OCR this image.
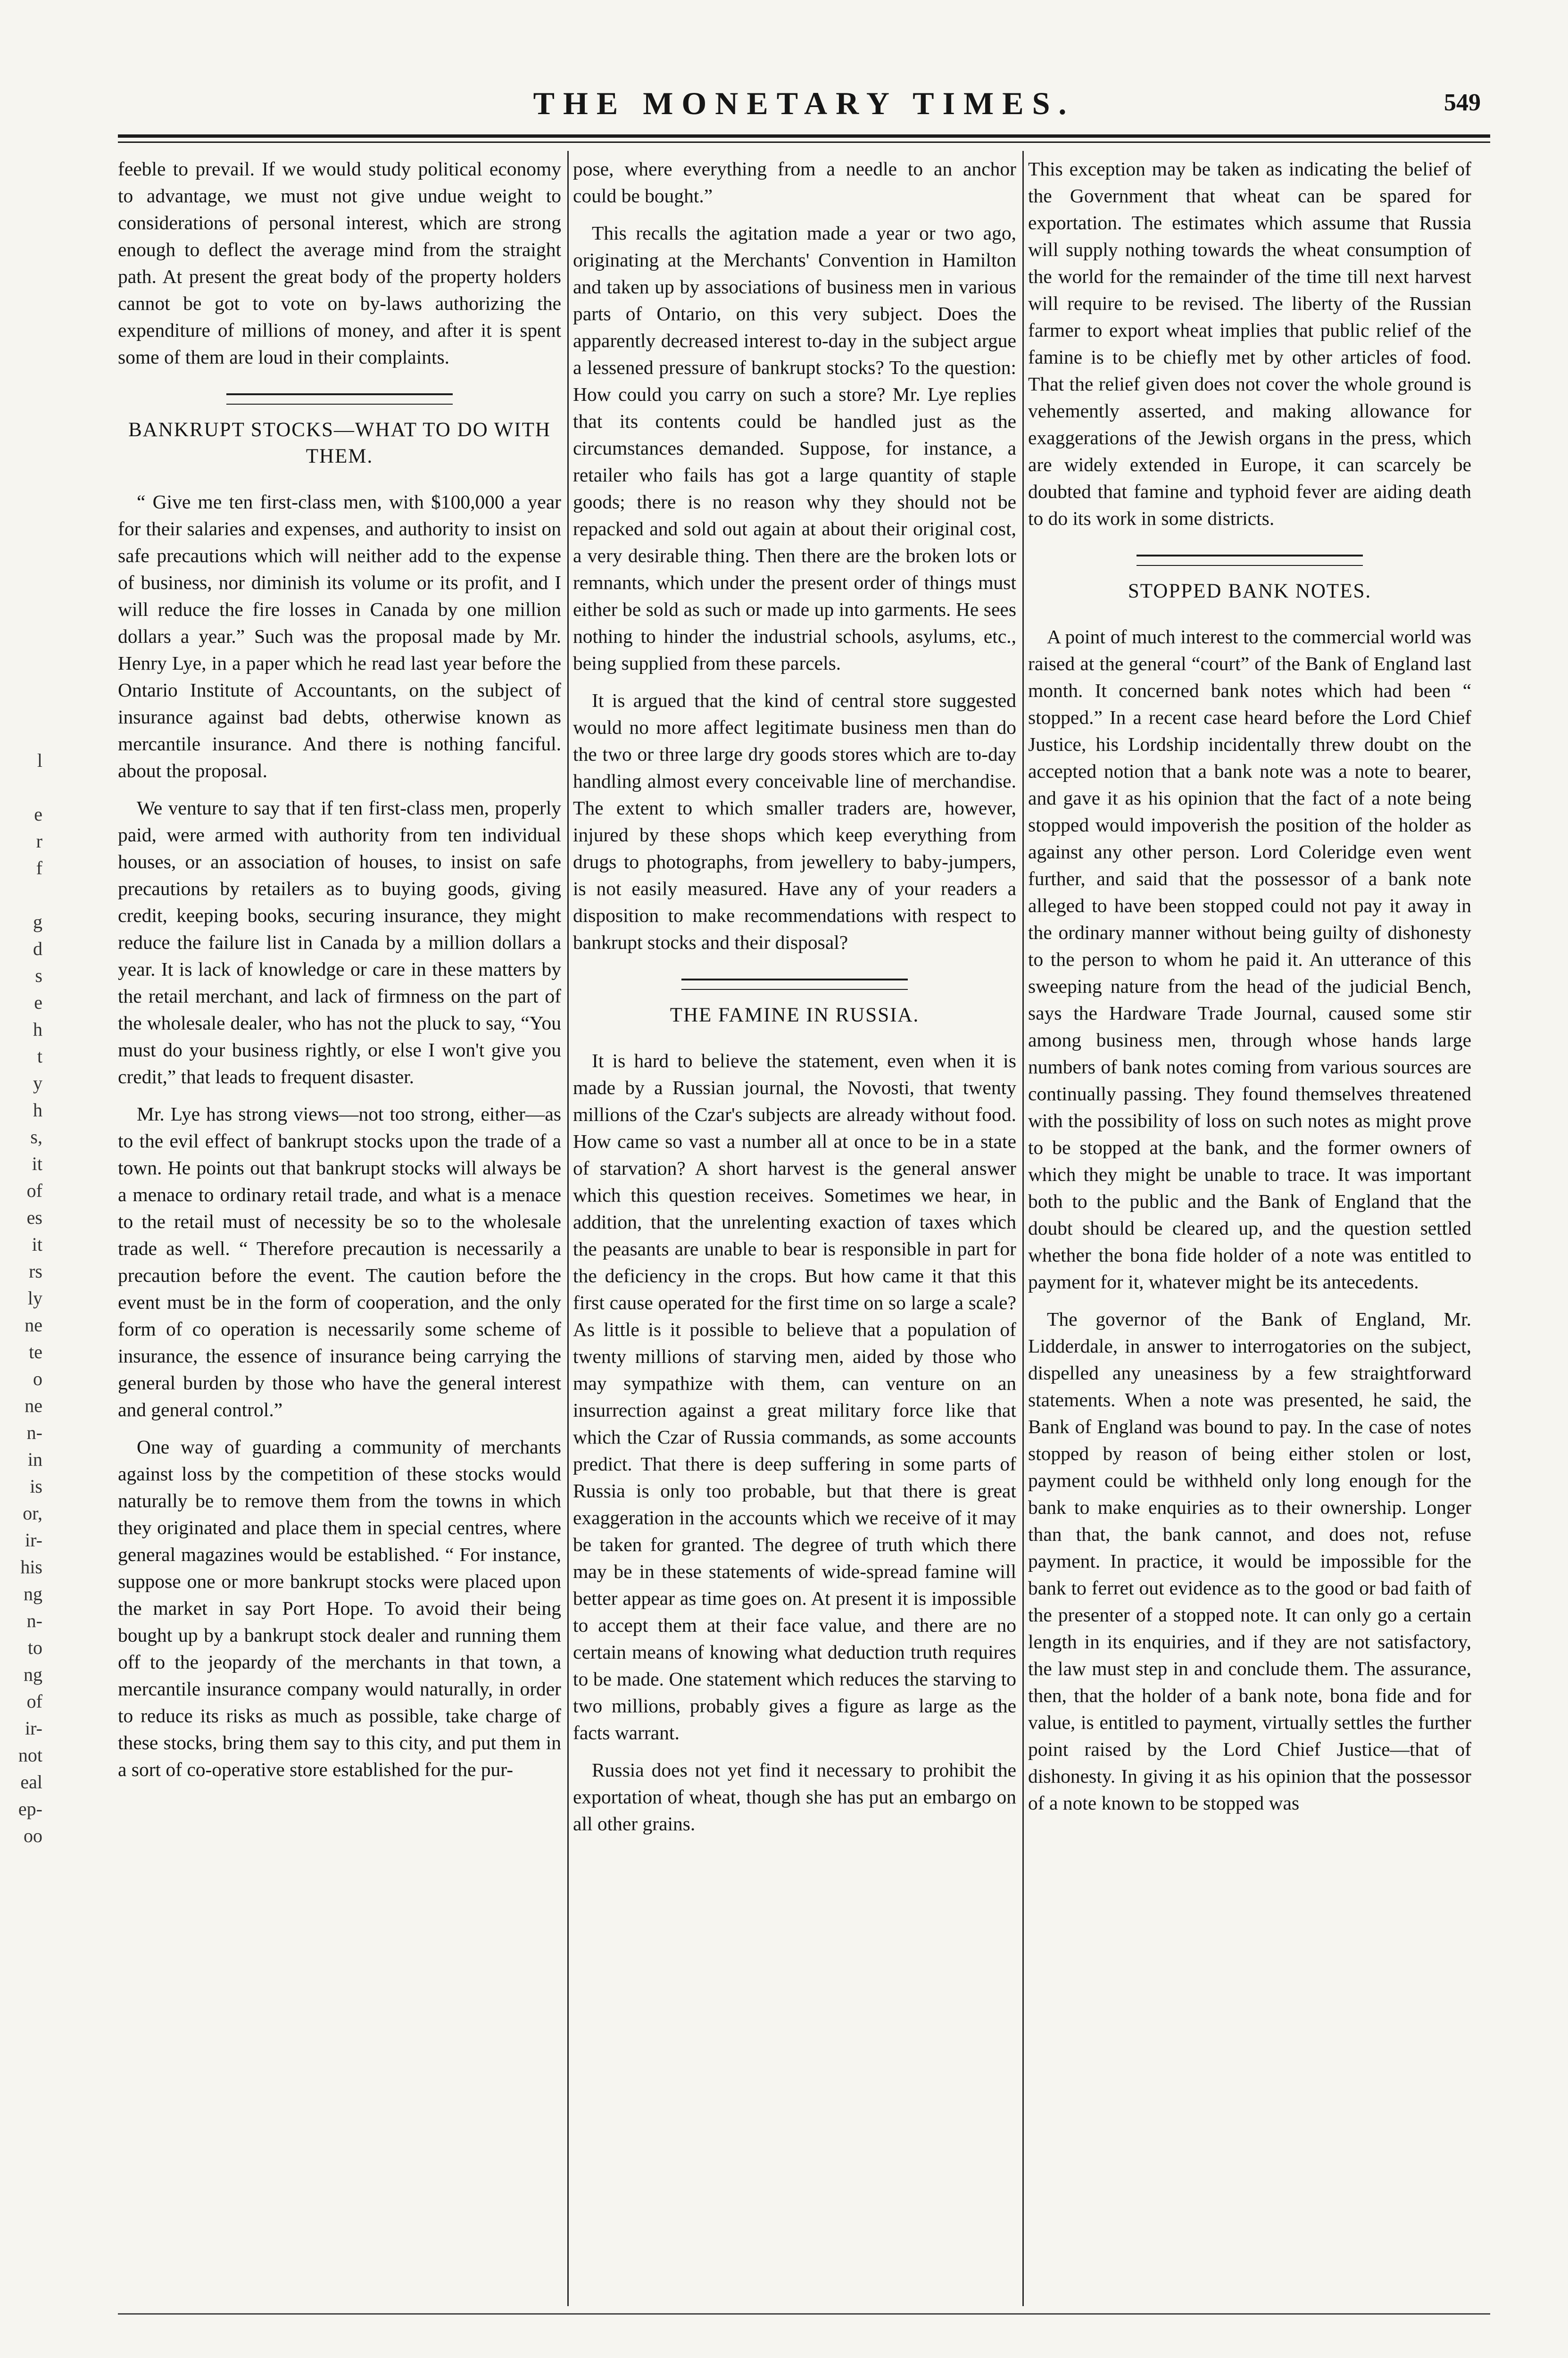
THE MONETARY TIMES.	549

l

e
r
f

g
d
s
e
h
t
y
h
s,
it
of
es
it
rs
ly
ne
te
o
ne
n-
in
is
or,
ir-
his
ng
n-
to
ng
of
ir-
not
eal
ep-
oo

feeble to prevail. If we would study political economy to advantage, we must not give undue weight to considerations of personal interest, which are strong enough to deflect the average mind from the straight path. At present the great body of the property holders cannot be got to vote on by-laws authorizing the expenditure of millions of money, and after it is spent some of them are loud in their complaints.

BANKRUPT STOCKS—WHAT TO DO WITH THEM.

“ Give me ten first-class men, with $100,000 a year for their salaries and expenses, and authority to insist on safe precautions which will neither add to the expense of business, nor diminish its volume or its profit, and I will reduce the fire losses in Canada by one million dollars a year.” Such was the proposal made by Mr. Henry Lye, in a paper which he read last year before the Ontario Institute of Accountants, on the subject of insurance against bad debts, otherwise known as mercantile insurance. And there is nothing fanciful. about the proposal.

We venture to say that if ten first-class men, properly paid, were armed with authority from ten individual houses, or an association of houses, to insist on safe precautions by retailers as to buying goods, giving credit, keeping books, securing insurance, they might reduce the failure list in Canada by a million dollars a year. It is lack of knowledge or care in these matters by the retail merchant, and lack of firmness on the part of the wholesale dealer, who has not the pluck to say, “You must do your business rightly, or else I won't give you credit,” that leads to frequent disaster.

Mr. Lye has strong views—not too strong, either—as to the evil effect of bankrupt stocks upon the trade of a town. He points out that bankrupt stocks will always be a menace to ordinary retail trade, and what is a menace to the retail must of necessity be so to the wholesale trade as well. “ Therefore precaution is necessarily a precaution before the event. The caution before the event must be in the form of cooperation, and the only form of co operation is necessarily some scheme of insurance, the essence of insurance being carrying the general burden by those who have the general interest and general control.”

One way of guarding a community of merchants against loss by the competition of these stocks would naturally be to remove them from the towns in which they originated and place them in special centres, where general magazines would be established. “ For instance, suppose one or more bankrupt stocks were placed upon the market in say Port Hope. To avoid their being bought up by a bankrupt stock dealer and running them off to the jeopardy of the merchants in that town, a mercantile insurance company would naturally, in order to reduce its risks as much as possible, take charge of these stocks, bring them say to this city, and put them in a sort of co-operative store established for the pur-

pose, where everything from a needle to an anchor could be bought.”

This recalls the agitation made a year or two ago, originating at the Merchants' Convention in Hamilton and taken up by associations of business men in various parts of Ontario, on this very subject. Does the apparently decreased interest to-day in the subject argue a lessened pressure of bankrupt stocks? To the question: How could you carry on such a store? Mr. Lye replies that its contents could be handled just as the circumstances demanded. Suppose, for instance, a retailer who fails has got a large quantity of staple goods; there is no reason why they should not be repacked and sold out again at about their original cost, a very desirable thing. Then there are the broken lots or remnants, which under the present order of things must either be sold as such or made up into garments. He sees nothing to hinder the industrial schools, asylums, etc., being supplied from these parcels.

It is argued that the kind of central store suggested would no more affect legitimate business men than do the two or three large dry goods stores which are to-day handling almost every conceivable line of merchandise. The extent to which smaller traders are, however, injured by these shops which keep everything from drugs to photographs, from jewellery to baby-jumpers, is not easily measured. Have any of your readers a disposition to make recommendations with respect to bankrupt stocks and their disposal?

THE FAMINE IN RUSSIA.

It is hard to believe the statement, even when it is made by a Russian journal, the Novosti, that twenty millions of the Czar's subjects are already without food. How came so vast a number all at once to be in a state of starvation? A short harvest is the general answer which this question receives. Sometimes we hear, in addition, that the unrelenting exaction of taxes which the peasants are unable to bear is responsible in part for the deficiency in the crops. But how came it that this first cause operated for the first time on so large a scale? As little is it possible to believe that a population of twenty millions of starving men, aided by those who may sympathize with them, can venture on an insurrection against a great military force like that which the Czar of Russia commands, as some accounts predict. That there is deep suffering in some parts of Russia is only too probable, but that there is great exaggeration in the accounts which we receive of it may be taken for granted. The degree of truth which there may be in these statements of wide-spread famine will better appear as time goes on. At present it is impossible to accept them at their face value, and there are no certain means of knowing what deduction truth requires to be made. One statement which reduces the starving to two millions, probably gives a figure as large as the facts warrant.

Russia does not yet find it necessary to prohibit the exportation of wheat, though she has put an embargo on all other grains.

This exception may be taken as indicating the belief of the Government that wheat can be spared for exportation. The estimates which assume that Russia will supply nothing towards the wheat consumption of the world for the remainder of the time till next harvest will require to be revised. The liberty of the Russian farmer to export wheat implies that public relief of the famine is to be chiefly met by other articles of food. That the relief given does not cover the whole ground is vehemently asserted, and making allowance for exaggerations of the Jewish organs in the press, which are widely extended in Europe, it can scarcely be doubted that famine and typhoid fever are aiding death to do its work in some districts.

STOPPED BANK NOTES.

A point of much interest to the commercial world was raised at the general “court” of the Bank of England last month. It concerned bank notes which had been “ stopped.” In a recent case heard before the Lord Chief Justice, his Lordship incidentally threw doubt on the accepted notion that a bank note was a note to bearer, and gave it as his opinion that the fact of a note being stopped would impoverish the position of the holder as against any other person. Lord Coleridge even went further, and said that the possessor of a bank note alleged to have been stopped could not pay it away in the ordinary manner without being guilty of dishonesty to the person to whom he paid it. An utterance of this sweeping nature from the head of the judicial Bench, says the Hardware Trade Journal, caused some stir among business men, through whose hands large numbers of bank notes coming from various sources are continually passing. They found themselves threatened with the possibility of loss on such notes as might prove to be stopped at the bank, and the former owners of which they might be unable to trace. It was important both to the public and the Bank of England that the doubt should be cleared up, and the question settled whether the bona fide holder of a note was entitled to payment for it, whatever might be its antecedents.

The governor of the Bank of England, Mr. Lidderdale, in answer to interrogatories on the subject, dispelled any uneasiness by a few straightforward statements. When a note was presented, he said, the Bank of England was bound to pay. In the case of notes stopped by reason of being either stolen or lost, payment could be withheld only long enough for the bank to make enquiries as to their ownership. Longer than that, the bank cannot, and does not, refuse payment. In practice, it would be impossible for the bank to ferret out evidence as to the good or bad faith of the presenter of a stopped note. It can only go a certain length in its enquiries, and if they are not satisfactory, the law must step in and conclude them. The assurance, then, that the holder of a bank note, bona fide and for value, is entitled to payment, virtually settles the further point raised by the Lord Chief Justice—that of dishonesty. In giving it as his opinion that the possessor of a note known to be stopped was
